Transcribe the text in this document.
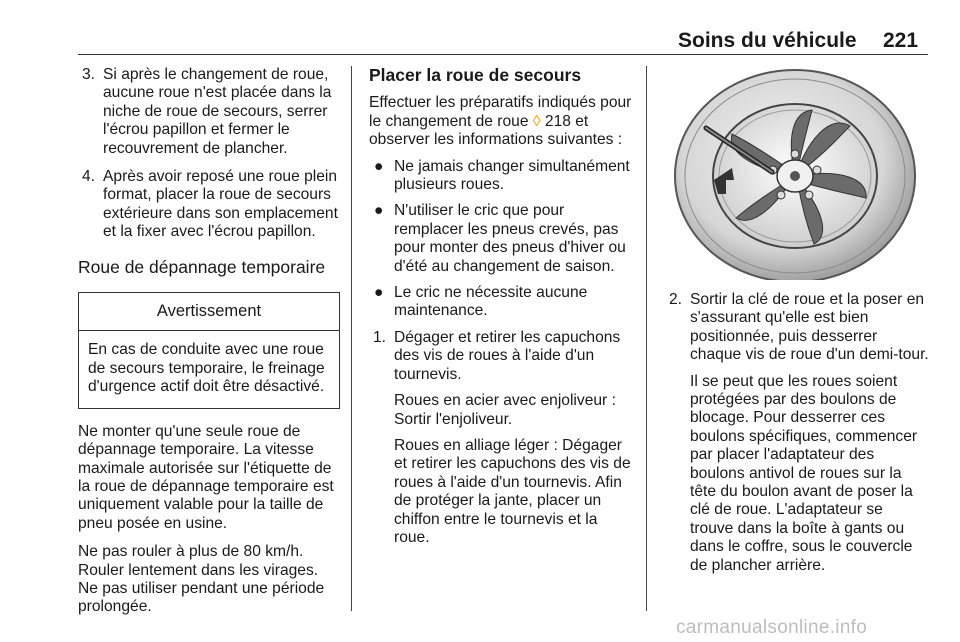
Soins du véhicule 221
3. Si après le changement de roue, aucune roue n'est placée dans la niche de roue de secours, serrer l'écrou papillon et fermer le recouvrement de plancher.

4. Après avoir reposé une roue plein format, placer la roue de secours extérieure dans son emplacement et la fixer avec l'écrou papillon.

Roue de dépannage temporaire

Avertissement
En cas de conduite avec une roue de secours temporaire, le freinage d'urgence actif doit être désactivé.

Ne monter qu'une seule roue de dépannage temporaire. La vitesse maximale autorisée sur l'étiquette de la roue de dépannage temporaire est uniquement valable pour la taille de pneu posée en usine.

Ne pas rouler à plus de 80 km/h. Rouler lentement dans les virages. Ne pas utiliser pendant une période prolongée.

Placer la roue de secours

Effectuer les préparatifs indiqués pour le changement de roue ◊ 218 et observer les informations suivantes :

● Ne jamais changer simultanément plusieurs roues.

● N'utiliser le cric que pour remplacer les pneus crevés, pas pour monter des pneus d'hiver ou d'été au changement de saison.

● Le cric ne nécessite aucune maintenance.

1. Dégager et retirer les capuchons des vis de roues à l'aide d'un tournevis.

Roues en acier avec enjoliveur : Sortir l'enjoliveur.

Roues en alliage léger : Dégager et retirer les capuchons des vis de roues à l'aide d'un tournevis. Afin de protéger la jante, placer un chiffon entre le tournevis et la roue.

2. Sortir la clé de roue et la poser en s'assurant qu'elle est bien positionnée, puis desserrer chaque vis de roue d'un demi-tour.

Il se peut que les roues soient protégées par des boulons de blocage. Pour desserrer ces boulons spécifiques, commencer par placer l'adaptateur des boulons antivol de roues sur la tête du boulon avant de poser la clé de roue. L'adaptateur se trouve dans la boîte à gants ou dans le coffre, sous le couvercle de plancher arrière.

carmanualsonline.info
